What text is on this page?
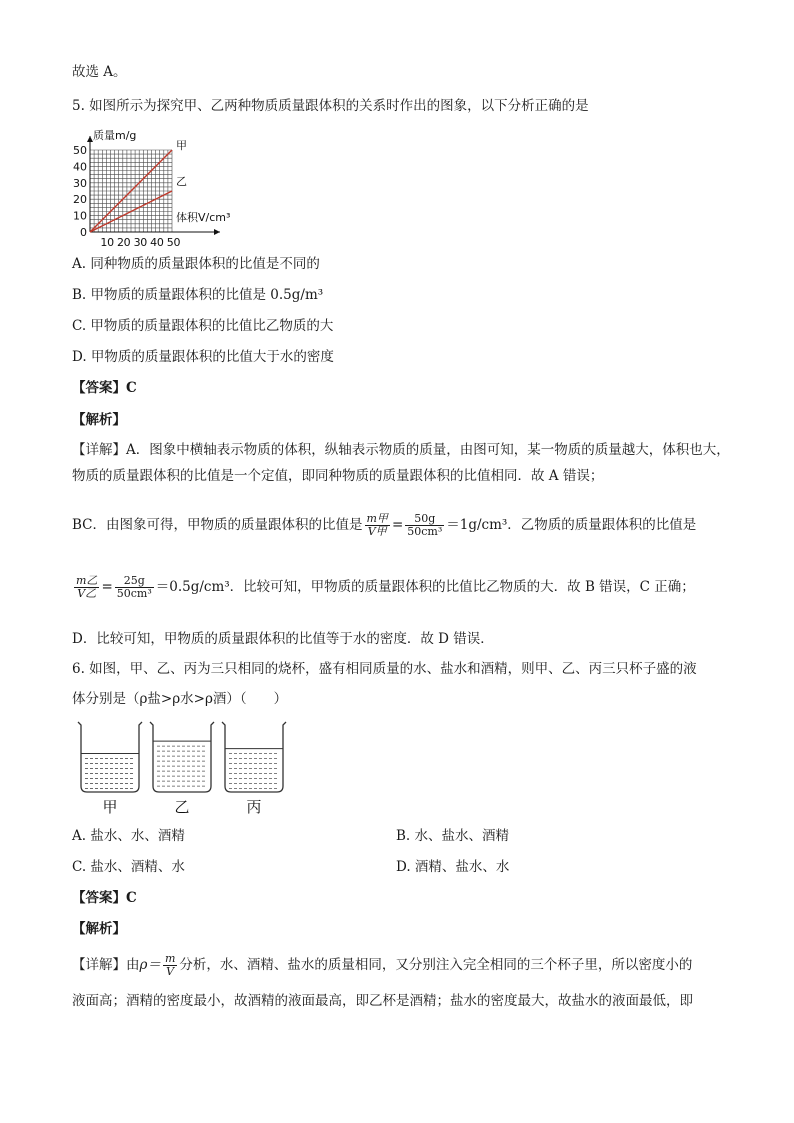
故选 A。
5. 如图所示为探究甲、乙两种物质质量跟体积的关系时作出的图象，以下分析正确的是
甲
乙
10
20
30
40
50
0
10 20 30 40 50
质量m/g
体积V/cm³
A. 同种物质的质量跟体积的比值是不同的
B. 甲物质的质量跟体积的比值是 0.5g/m³
C. 甲物质的质量跟体积的比值比乙物质的大
D. 甲物质的质量跟体积的比值大于水的密度
【答案】C
【解析】
【详解】A．图象中横轴表示物质的体积，纵轴表示物质的质量，由图可知，某一物质的质量越大，体积也大，物质的质量跟体积的比值是一个定值，即同种物质的质量跟体积的比值相同．故 A 错误；
BC．由图象可得，甲物质的质量跟体积的比值是 $\frac{\text{m甲}}{\text{V甲}} = \frac{50g}{\text{50cm³}} =1g/cm^3$．乙物质的质量跟体积的比值是
$\frac{\text{m乙}}{\text{V乙}} = \frac{25g}{\text{50cm³}} =0.5g/cm^3$．比较可知，甲物质的质量跟体积的比值比乙物质的大．故 B 错误，C 正确；
D．比较可知，甲物质的质量跟体积的比值等于水的密度．故 D 错误．
6. 如图，甲、乙、丙为三只相同的烧杯，盛有相同质量的水、盐水和酒精，则甲、乙、丙三只杯子盛的液
体分别是（ρ盐>ρ水>ρ酒）（　　）
甲	乙	丙
A. 盐水、水、酒精	B. 水、盐水、酒精
C. 盐水、酒精、水	D. 酒精、盐水、水
【答案】C
【解析】
【详解】由$\rho= \frac{m}{V}$ 分析，水、酒精、盐水的质量相同，又分别注入完全相同的三个杯子里，所以密度小的
液面高；酒精的密度最小，故酒精的液面最高，即乙杯是酒精；盐水的密度最大，故盐水的液面最低，即
